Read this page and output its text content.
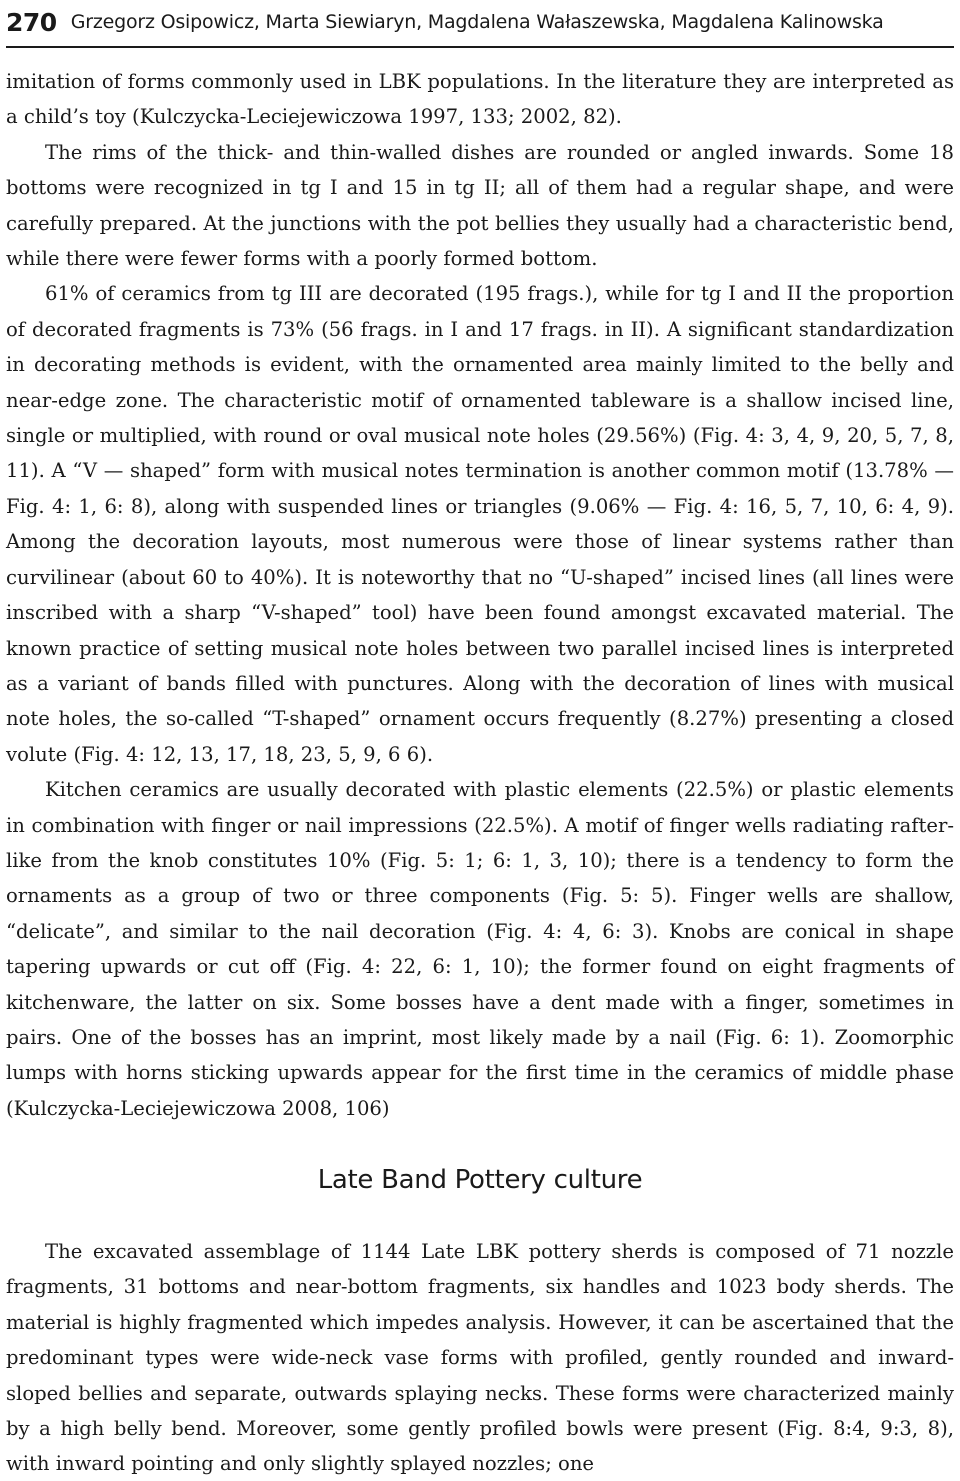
270 Grzegorz Osipowicz, Marta Siewiaryn, Magdalena Wałaszewska, Magdalena Kalinowska

imitation of forms commonly used in LBK populations. In the literature they are interpreted as a child’s toy (Kulczycka-Leciejewiczowa 1997, 133; 2002, 82).

The rims of the thick- and thin-walled dishes are rounded or angled inwards. Some 18 bottoms were recognized in tg I and 15 in tg II; all of them had a regular shape, and were carefully prepared. At the junctions with the pot bellies they usually had a characteristic bend, while there were fewer forms with a poorly formed bottom.

61% of ceramics from tg III are decorated (195 frags.), while for tg I and II the proportion of decorated fragments is 73% (56 frags. in I and 17 frags. in II). A significant standardization in decorating methods is evident, with the ornamented area mainly limited to the belly and near-edge zone. The characteristic motif of ornamented tableware is a shallow incised line, single or multiplied, with round or oval musical note holes (29.56%) (Fig. 4: 3, 4, 9, 20, 5, 7, 8, 11). A “V — shaped” form with musical notes termination is another common motif (13.78% — Fig. 4: 1, 6: 8), along with suspended lines or triangles (9.06% — Fig. 4: 16, 5, 7, 10, 6: 4, 9). Among the decoration layouts, most numerous were those of linear systems rather than curvilinear (about 60 to 40%). It is noteworthy that no “U-shaped” incised lines (all lines were inscribed with a sharp “V-shaped” tool) have been found amongst excavated material. The known practice of setting musical note holes between two parallel incised lines is interpreted as a variant of bands filled with punctures. Along with the decoration of lines with musical note holes, the so-called “T-shaped” ornament occurs frequently (8.27%) presenting a closed volute (Fig. 4: 12, 13, 17, 18, 23, 5, 9, 6 6).

Kitchen ceramics are usually decorated with plastic elements (22.5%) or plastic elements in combination with finger or nail impressions (22.5%). A motif of finger wells radiating rafter-like from the knob constitutes 10% (Fig. 5: 1; 6: 1, 3, 10); there is a tendency to form the ornaments as a group of two or three components (Fig. 5: 5). Finger wells are shallow, “delicate”, and similar to the nail decoration (Fig. 4: 4, 6: 3). Knobs are conical in shape tapering upwards or cut off (Fig. 4: 22, 6: 1, 10); the former found on eight fragments of kitchenware, the latter on six. Some bosses have a dent made with a finger, sometimes in pairs. One of the bosses has an imprint, most likely made by a nail (Fig. 6: 1). Zoomorphic lumps with horns sticking upwards appear for the first time in the ceramics of middle phase (Kulczycka-Leciejewiczowa 2008, 106)

Late Band Pottery culture

The excavated assemblage of 1144 Late LBK pottery sherds is composed of 71 nozzle fragments, 31 bottoms and near-bottom fragments, six handles and 1023 body sherds. The material is highly fragmented which impedes analysis. However, it can be ascertained that the predominant types were wide-neck vase forms with profiled, gently rounded and inward-sloped bellies and separate, outwards splaying necks. These forms were characterized mainly by a high belly bend. Moreover, some gently profiled bowls were present (Fig. 8:4, 9:3, 8), with inward pointing and only slightly splayed nozzles; one
